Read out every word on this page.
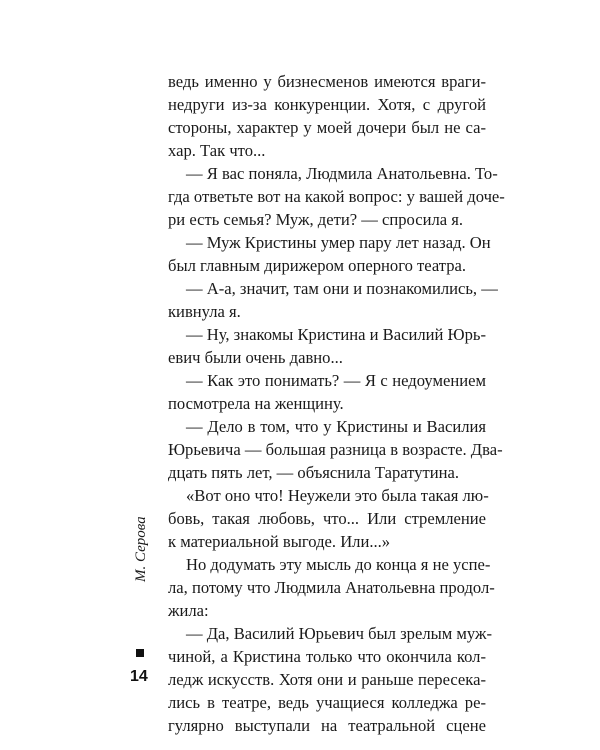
ведь именно у бизнесменов имеются враги-
недруги из-за конкуренции. Хотя, с другой
стороны, характер у моей дочери был не са-
хар. Так что...
— Я вас поняла, Людмила Анатольевна. То-
гда ответьте вот на какой вопрос: у вашей доче-
ри есть семья? Муж, дети? — спросила я.
— Муж Кристины умер пару лет назад. Он
был главным дирижером оперного театра.
— А-а, значит, там они и познакомились, —
кивнула я.
— Ну, знакомы Кристина и Василий Юрь-
евич были очень давно...
— Как это понимать? — Я с недоумением
посмотрела на женщину.
— Дело в том, что у Кристины и Василия
Юрьевича — большая разница в возрасте. Два-
дцать пять лет, — объяснила Таратутина.
«Вот оно что! Неужели это была такая лю-
бовь, такая любовь, что... Или стремление
к материальной выгоде. Или...»
Но додумать эту мысль до конца я не успе-
ла, потому что Людмила Анатольевна продол-
жила:
— Да, Василий Юрьевич был зрелым муж-
чиной, а Кристина только что окончила кол-
ледж искусств. Хотя они и раньше пересека-
лись в театре, ведь учащиеся колледжа ре-
гулярно выступали на театральной сцене
М. Серова
14
